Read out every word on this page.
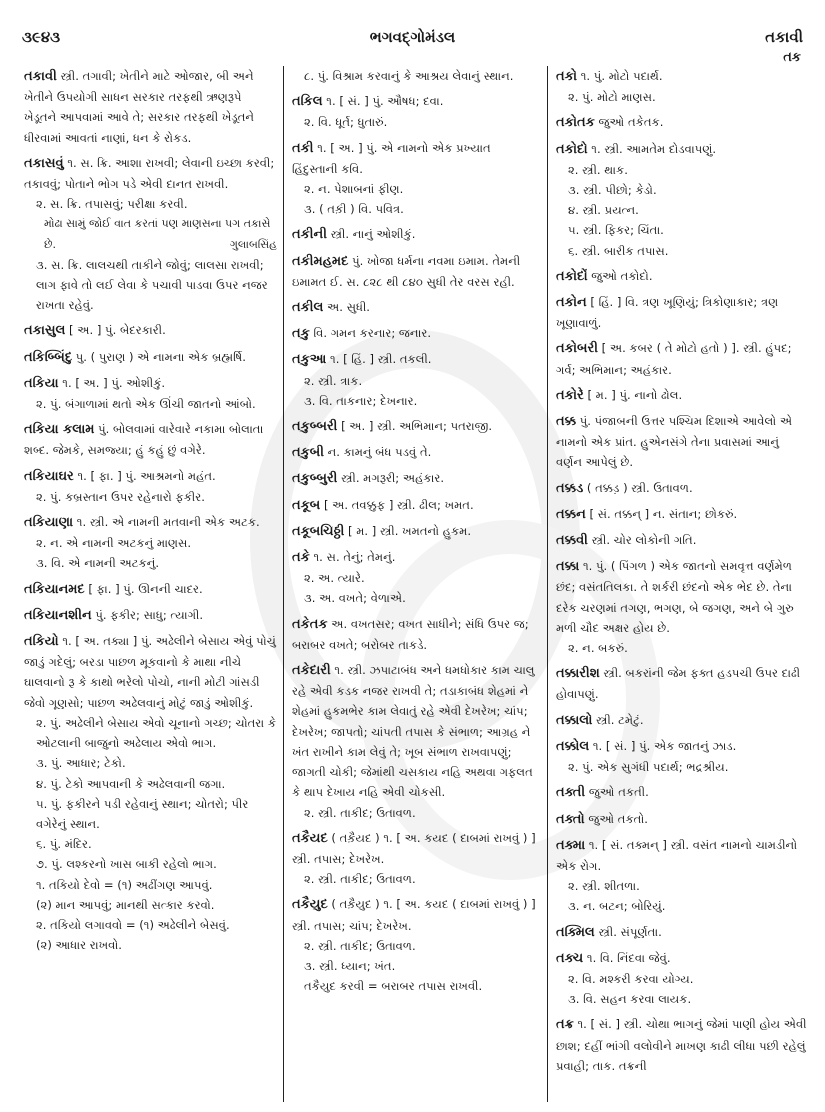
૩૯૪૩	ભગવદ્ગોમંડલ	તકાવી
તક
તકાવી સ્ત્રી. તગાવી; ખેતીને માટે ઓજાર, બી અને ખેતીને ઉપયોગી સાધન સરકાર તરફથી ઋણરૂપે ખેડૂતને આપવામાં આવે તે; સરકાર તરફથી ખેડૂતને ધીરવામાં આવતાં નાણાં, ધન કે રોકડ.
તકાસવું ૧. સ. ક્રિ. આશા રાખવી; લેવાની ઇચ્છા કરવી; તકાવવું; પોતાને ભોગ પડે એવી દાનત રાખવી.
૨. સ. ક્રિ. તપાસવું; પરીક્ષા કરવી.
મોઢા સામું જોઈ વાત કરતાં પણ માણસના પગ તકાસે છે.	ગુલાબસિંહ
૩. સ. ક્રિ. લાલચથી તાકીને જોવું; લાલસા રાખવી; લાગ ફાવે તો લઈ લેવા કે પચાવી પાડવા ઉપર નજર રાખતા રહેવું.
તકાસુલ [ અ. ] પું. બેદરકારી.
તકિબ્બિંદુ પુ. ( પુરાણ ) એ નામના એક બ્રહ્મર્ષિ.
તકિયા ૧. [ અ. ] પું. ઓશીકું.
૨. પું. બંગાળામાં થતો એક ઊંચી જાતનો આંબો.
તકિયા કલામ પું. બોલવામાં વારેવારે નકામા બોલાતા શબ્દ. જેમકે, સમજ્યા; હું કહું છું વગેરે.
તકિયાઘર ૧. [ ફા. ] પું. આશ્રમનો મહંત.
૨. પું. કબ્રસ્તાન ઉપર રહેનારો ફકીર.
તકિયાણા ૧. સ્ત્રી. એ નામની મતવાની એક અટક.
૨. ન. એ નામની અટકનું માણસ.
૩. વિ. એ નામની અટકનું.
તકિયાનમદ [ ફા. ] પું. ઊનની ચાદર.
તકિયાનશીન પું. ફકીર; સાધુ; ત્યાગી.
તકિયો ૧. [ અ. તક્યા ] પું. અઢેલીને બેસાય એવું પોચું જાડું ગદેલું; બરડા પાછળ મૂકવાનો કે માથા નીચે ઘાલવાનો રૂ કે કાથો ભરેલો પોચો, નાની મોટી ગાંસડી જેવો ગૂણસો; પાછળ અઢેલવાનું મોટું જાડું ઓશીકું.
૨. પું. અઢેલીને બેસાય એવો ચૂનાનો ગચ્છ; ચોતરા કે ઓટલાની બાજુનો અઢેલાય એવો ભાગ.
૩. પું. આધાર; ટેકો.
૪. પું. ટેકો આપવાની કે અઢેલવાની જગા.
૫. પું. ફકીરને પડી રહેવાનું સ્થાન; ચોતરો; પીર વગેરેનું સ્થાન.
૬. પું. મંદિર.
૭. પું. લશ્કરનો ખાસ બાકી રહેલો ભાગ.
૧. તકિયો દેવો = (૧) અઢીંગણ આપવું.
(૨) માન આપવું; માનથી સત્કાર કરવો.
૨. તકિયો લગાવવો = (૧) અઢેલીને બેસવું.
(૨) આધાર રાખવો.
૮. પું. વિશ્રામ કરવાનું કે આશ્રય લેવાનું સ્થાન.
તકિલ ૧. [ સં. ] પું. ઔષધ; દવા.
૨. વિ. ધૂર્ત; ધુતારું.
તકી ૧. [ અ. ] પું. એ નામનો એક પ્રખ્યાત હિંદુસ્તાની કવિ.
૨. ન. પેશાબનાં ફીણ.
૩. ( તક઼ી ) વિ. પવિત્ર.
તકીની સ્ત્રી. નાનું ઓશીકું.
તકીમહમદ પું. ખોજા ધર્મના નવમા ઇમામ. તેમની ઇમામત ઈ. સ. ૮૨૮ થી ૮૪૦ સુધી તેર વરસ રહી.
તકીલ અ. સુધી.
તકુ વિ. ગમન કરનાર; જનાર.
તકુઆ ૧. [ હિં. ] સ્ત્રી. તકલી.
૨. સ્ત્રી. ત્રાક.
૩. વિ. તાકનાર; દેખનાર.
તકુબ્બરી [ અ. ] સ્ત્રી. અભિમાન; પતરાજી.
તકુબી ન. કામનું બંધ પડવું તે.
તકુબ્બુરી સ્ત્રી. મગરૂરી; અહંકાર.
તકૂબ [ અ. તવક્કુફ ] સ્ત્રી. ઢીલ; ખમત.
તકૂબચિઠ્ઠી [ મ. ] સ્ત્રી. ખમતનો હુકમ.
તકે ૧. સ. તેનું; તેમનું.
૨. અ. ત્યારે.
૩. અ. વખતે; વેળાએ.
તકેતક અ. વખતસર; વખત સાધીને; સંધિ ઉપર જ; બરાબર વખતે; બરોબર તાકડે.
તકેદારી ૧. સ્ત્રી. ઝપાટાબંધ અને ધમધોકાર કામ ચાલુ રહે એવી કડક નજર રાખવી તે; તડાકાબંધ શેહમાં ને શેહમાં હુકમભેર કામ લેવાતું રહે એવી દેખરેખ; ચાંપ; દેખરેખ; જાપતો; ચાંપતી તપાસ કે સંભાળ; આગ્રહ ને ખંત રાખીને કામ લેવું તે; ખૂબ સંભાળ રાખવાપણું; જાગતી ચોકી; જેમાંથી ચસકાય નહિ અથવા ગફલત કે થાપ દેખાય નહિ એવી ચોકસી.
૨. સ્ત્રી. તાકીદ; ઉતાવળ.
તકૈયદ ( તકૈ઼યદ ) ૧. [ અ. કયદ ( દાબમાં રાખવું ) ] સ્ત્રી. તપાસ; દેખરેખ.
૨. સ્ત્રી. તાકીદ; ઉતાવળ.
તકૈયુદ ( તકૈ઼યુદ ) ૧. [ અ. કયદ ( દાબમાં રાખવું ) ] સ્ત્રી. તપાસ; ચાંપ; દેખરેખ.
૨. સ્ત્રી. તાકીદ; ઉતાવળ.
૩. સ્ત્રી. ધ્યાન; ખંત.
તકૈયુદ કરવી = બરાબર તપાસ રાખવી.
તકો ૧. પું. મોટો પદાર્થ.
૨. પું. મોટો માણસ.
તકોતક જુઓ તકેતક.
તકોદો ૧. સ્ત્રી. આમતેમ દોડવાપણું.
૨. સ્ત્રી. થાક.
૩. સ્ત્રી. પીછો; કેડો.
૪. સ્ત્રી. પ્રયત્ન.
૫. સ્ત્રી. ફિકર; ચિંતા.
૬. સ્ત્રી. બારીક તપાસ.
તકોદોં જુઓ તકોદો.
તકોન [ હિં. ] વિ. ત્રણ ખૂણિયું; ત્રિકોણાકાર; ત્રણ ખૂણાવાળું.
તકોબરી [ અ. કબર ( તે મોટો હતો ) ]. સ્ત્રી. હુંપદ; ગર્વ; અભિમાન; અહંકાર.
તકોરે [ મ. ] પું. નાનો ઢોલ.
તક્ક પું. પંજાબની ઉત્તર પશ્ચિમ દિશાએ આવેલો એ નામનો એક પ્રાંત. હુએનસંગે તેના પ્રવાસમાં આનું વર્ણન આપેલું છે.
તક્કડ ( તક્કડ઼ ) સ્ત્રી. ઉતાવળ.
તક્કન [ સં. તક્કન્ ] ન. સંતાન; છોકરું.
તક્કવી સ્ત્રી. ચોર લોકોની ગતિ.
તક્કા ૧. પું. ( પિંગળ ) એક જાતનો સમવૃત્ત વર્ણમેળ છંદ; વસંતતિલકા. તે શર્કરી છંદનો એક ભેદ છે. તેના દરેક ચરણમાં તગણ, ભગણ, બે જગણ, અને બે ગુરુ મળી ચૌદ અક્ષર હોય છે.
૨. ન. બકરું.
તક્કારીશ સ્ત્રી. બકરાંની જેમ ફક્ત હડપચી ઉપર દાઢી હોવાપણું.
તક્કાલો સ્ત્રી. ટમેટું.
તક્કોલ ૧. [ સં. ] પું. એક જાતનું ઝાડ.
૨. પું. એક સુગંધી પદાર્થ; ભદ્રશ્રીય.
તક્તી જુઓ તકતી.
તક્તો જુઓ તકતો.
તક્મા ૧. [ સં. તક્મન્ ] સ્ત્રી. વસંત નામનો ચામડીનો એક રોગ.
૨. સ્ત્રી. શીતળા.
૩. ન. બટન; બોરિયું.
તક્મિલ સ્ત્રી. સંપૂર્ણતા.
તક્ચ ૧. વિ. નિંદવા જેવું.
૨. વિ. મશ્કરી કરવા યોગ્ય.
૩. વિ. સહન કરવા લાયક.
તક્ર ૧. [ સં. ] સ્ત્રી. ચોથા ભાગનું જેમાં પાણી હોય એવી છાશ; દહીં ભાંગી વલોવીને માખણ કાઢી લીધા પછી રહેલું પ્રવાહી; તાક. તક્રની
